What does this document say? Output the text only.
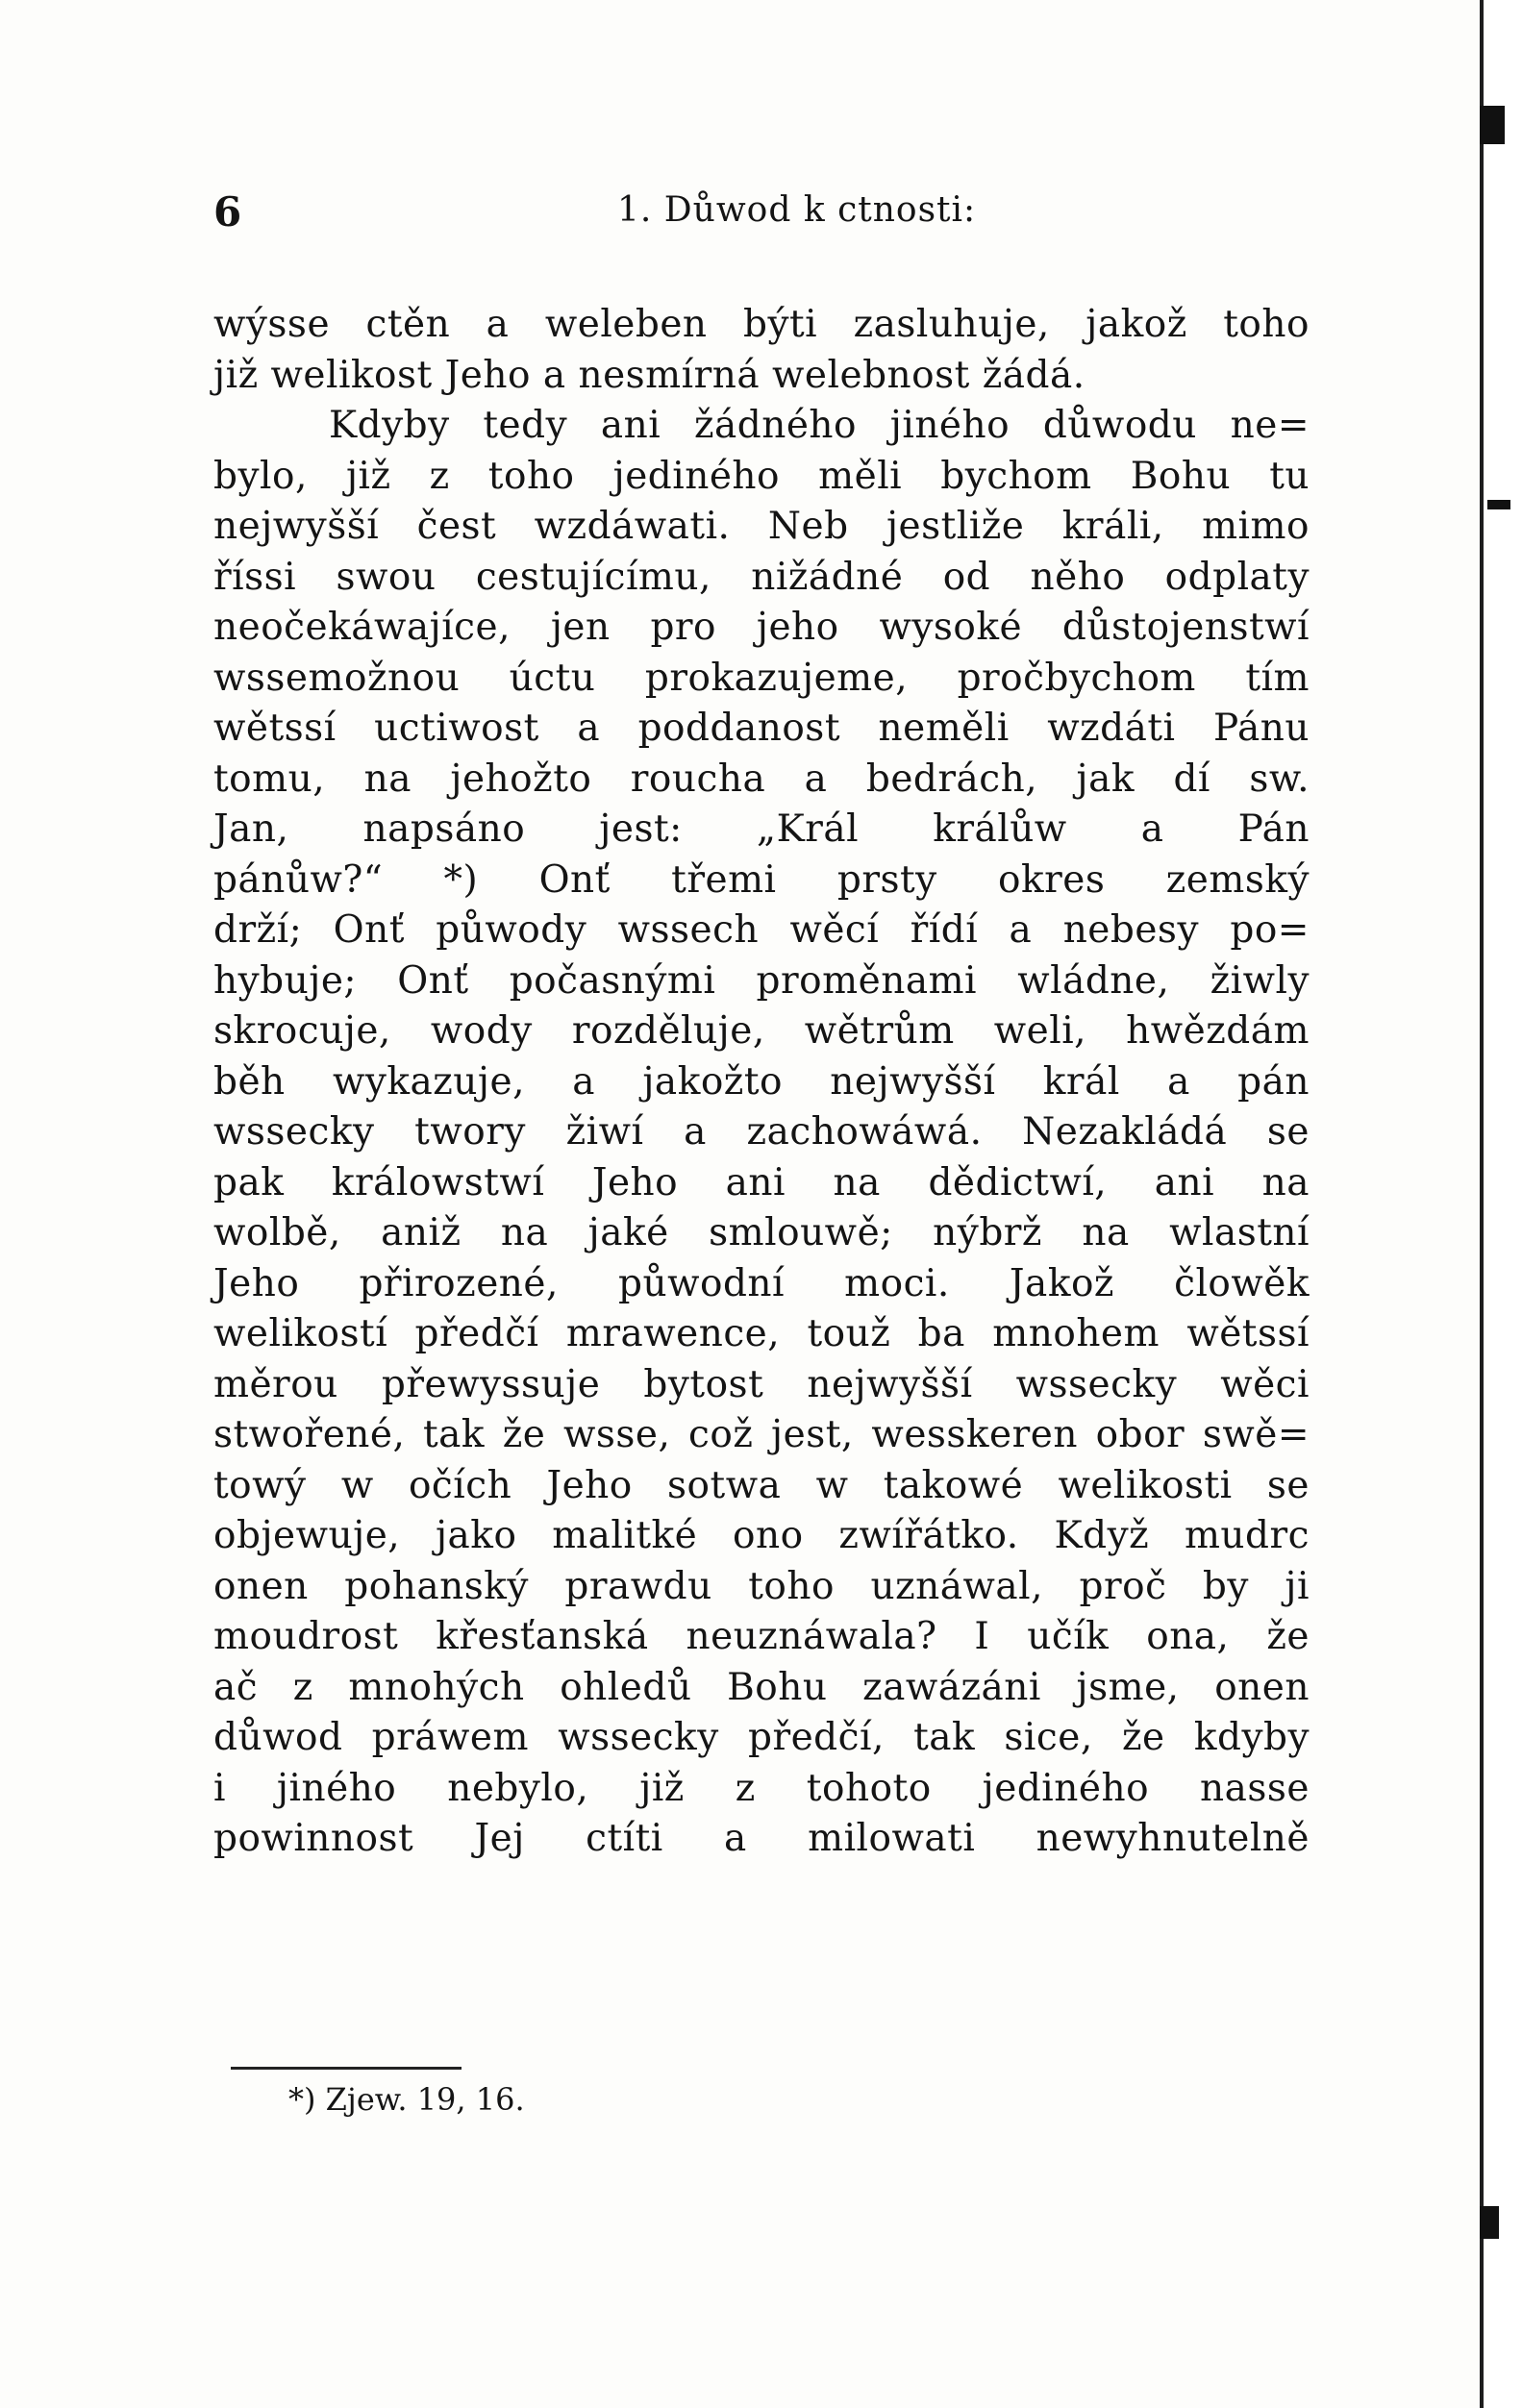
6	1. Důwod k ctnosti:
wýsse ctěn a weleben býti zasluhuje, jakož toho
již welikost Jeho a nesmírná welebnost žádá.
Kdyby tedy ani žádného jiného důwodu ne=
bylo, již z toho jediného měli bychom Bohu tu
nejwyšší čest wzdáwati. Neb jestliže králi, mimo
říssi swou cestujícímu, nižádné od něho odplaty
neočekáwajíce, jen pro jeho wysoké důstojenstwí
wssemožnou úctu prokazujeme, pročbychom tím
wětssí uctiwost a poddanost neměli wzdáti Pánu
tomu, na jehožto roucha a bedrách, jak dí sw.
Jan, napsáno jest: „Král králůw a Pán
pánůw?“ *) Onť třemi prsty okres zemský
drží; Onť půwody wssech wěcí řídí a nebesy po=
hybuje; Onť počasnými proměnami wládne, žiwly
skrocuje, wody rozděluje, wětrům weli, hwězdám
běh wykazuje, a jakožto nejwyšší král a pán
wssecky twory žiwí a zachowáwá. Nezakládá se
pak králowstwí Jeho ani na dědictwí, ani na
wolbě, aniž na jaké smlouwě; nýbrž na wlastní
Jeho přirozené, půwodní moci. Jakož člowěk
welikostí předčí mrawence, touž ba mnohem wětssí
měrou přewyssuje bytost nejwyšší wssecky wěci
stwořené, tak že wsse, což jest, wesskeren obor swě=
towý w očích Jeho sotwa w takowé welikosti se
objewuje, jako malitké ono zwířátko. Když mudrc
onen pohanský prawdu toho uznáwal, proč by ji
moudrost křesťanská neuznáwala? I učík ona, že
ač z mnohých ohledů Bohu zawázáni jsme, onen
důwod práwem wssecky předčí, tak sice, že kdyby
i jiného nebylo, již z tohoto jediného nasse
powinnost Jej ctíti a milowati newyhnutelně
*) Zjew. 19, 16.
